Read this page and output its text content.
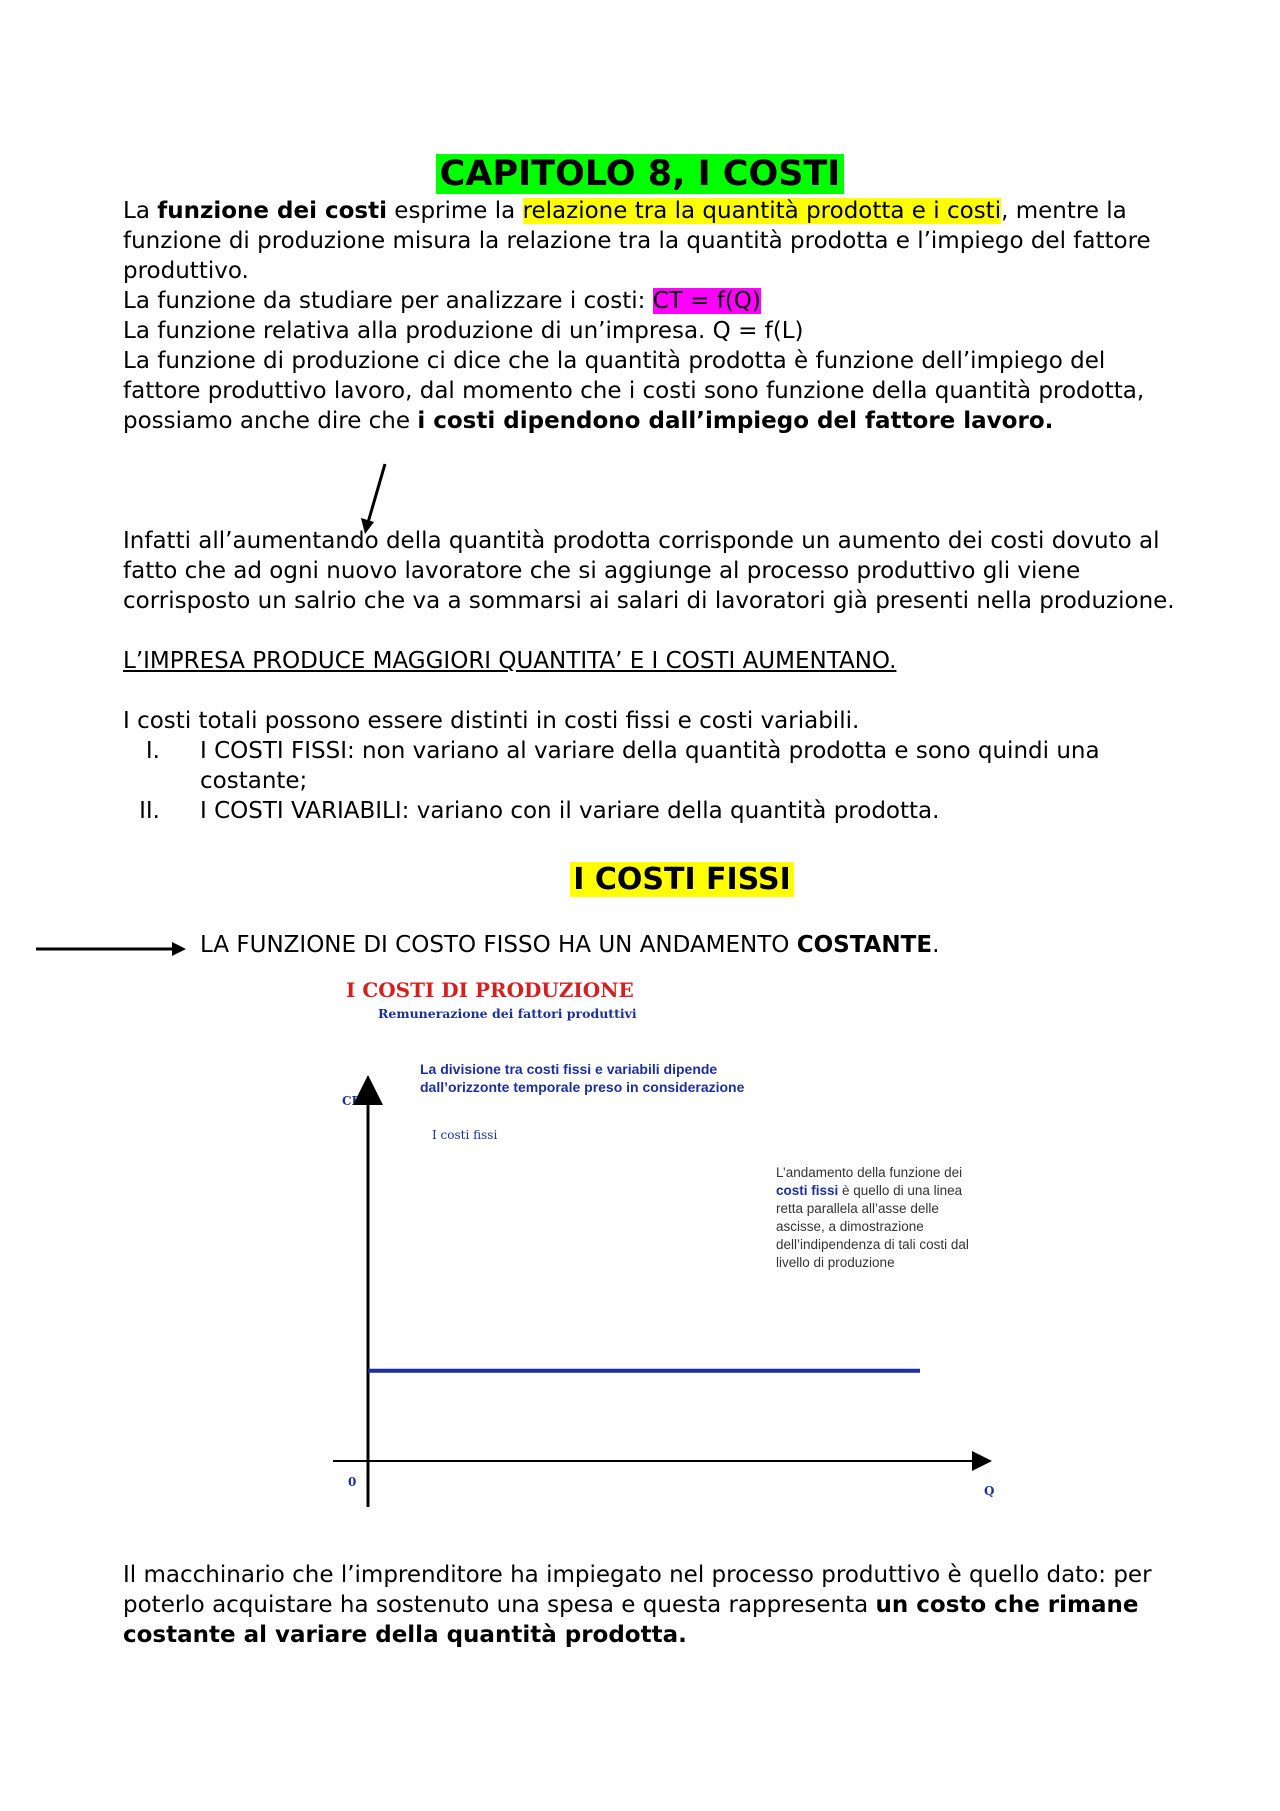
CAPITOLO 8, I COSTI

La funzione dei costi esprime la relazione tra la quantità prodotta e i costi, mentre la funzione di produzione misura la relazione tra la quantità prodotta e l’impiego del fattore produttivo.

La funzione da studiare per analizzare i costi: CT = f(Q)

La funzione relativa alla produzione di un’impresa. Q = f(L)

La funzione di produzione ci dice che la quantità prodotta è funzione dell’impiego del fattore produttivo lavoro, dal momento che i costi sono funzione della quantità prodotta, possiamo anche dire che i costi dipendono dall’impiego del fattore lavoro.

Infatti all’aumentando della quantità prodotta corrisponde un aumento dei costi dovuto al fatto che ad ogni nuovo lavoratore che si aggiunge al processo produttivo gli viene corrisposto un salrio che va a sommarsi ai salari di lavoratori già presenti nella produzione.

L’IMPRESA PRODUCE MAGGIORI QUANTITA’ E I COSTI AUMENTANO.

I costi totali possono essere distinti in costi fissi e costi variabili.

I. I COSTI FISSI: non variano al variare della quantità prodotta e sono quindi una costante;
II. I COSTI VARIABILI: variano con il variare della quantità prodotta.
I COSTI FISSI

LA FUNZIONE DI COSTO FISSO HA UN ANDAMENTO COSTANTE.

I COSTI DI PRODUZIONE
Remunerazione dei fattori produttivi
La divisione tra costi fissi e variabili dipende dall’orizzonte temporale preso in considerazione
CF
I costi fissi
0
Q
L’andamento della funzione dei costi fissi è quello di una linea retta parallela all’asse delle ascisse, a dimostrazione dell’indipendenza di tali costi dal livello di produzione

Il macchinario che l’imprenditore ha impiegato nel processo produttivo è quello dato: per poterlo acquistare ha sostenuto una spesa e questa rappresenta un costo che rimane costante al variare della quantità prodotta.
